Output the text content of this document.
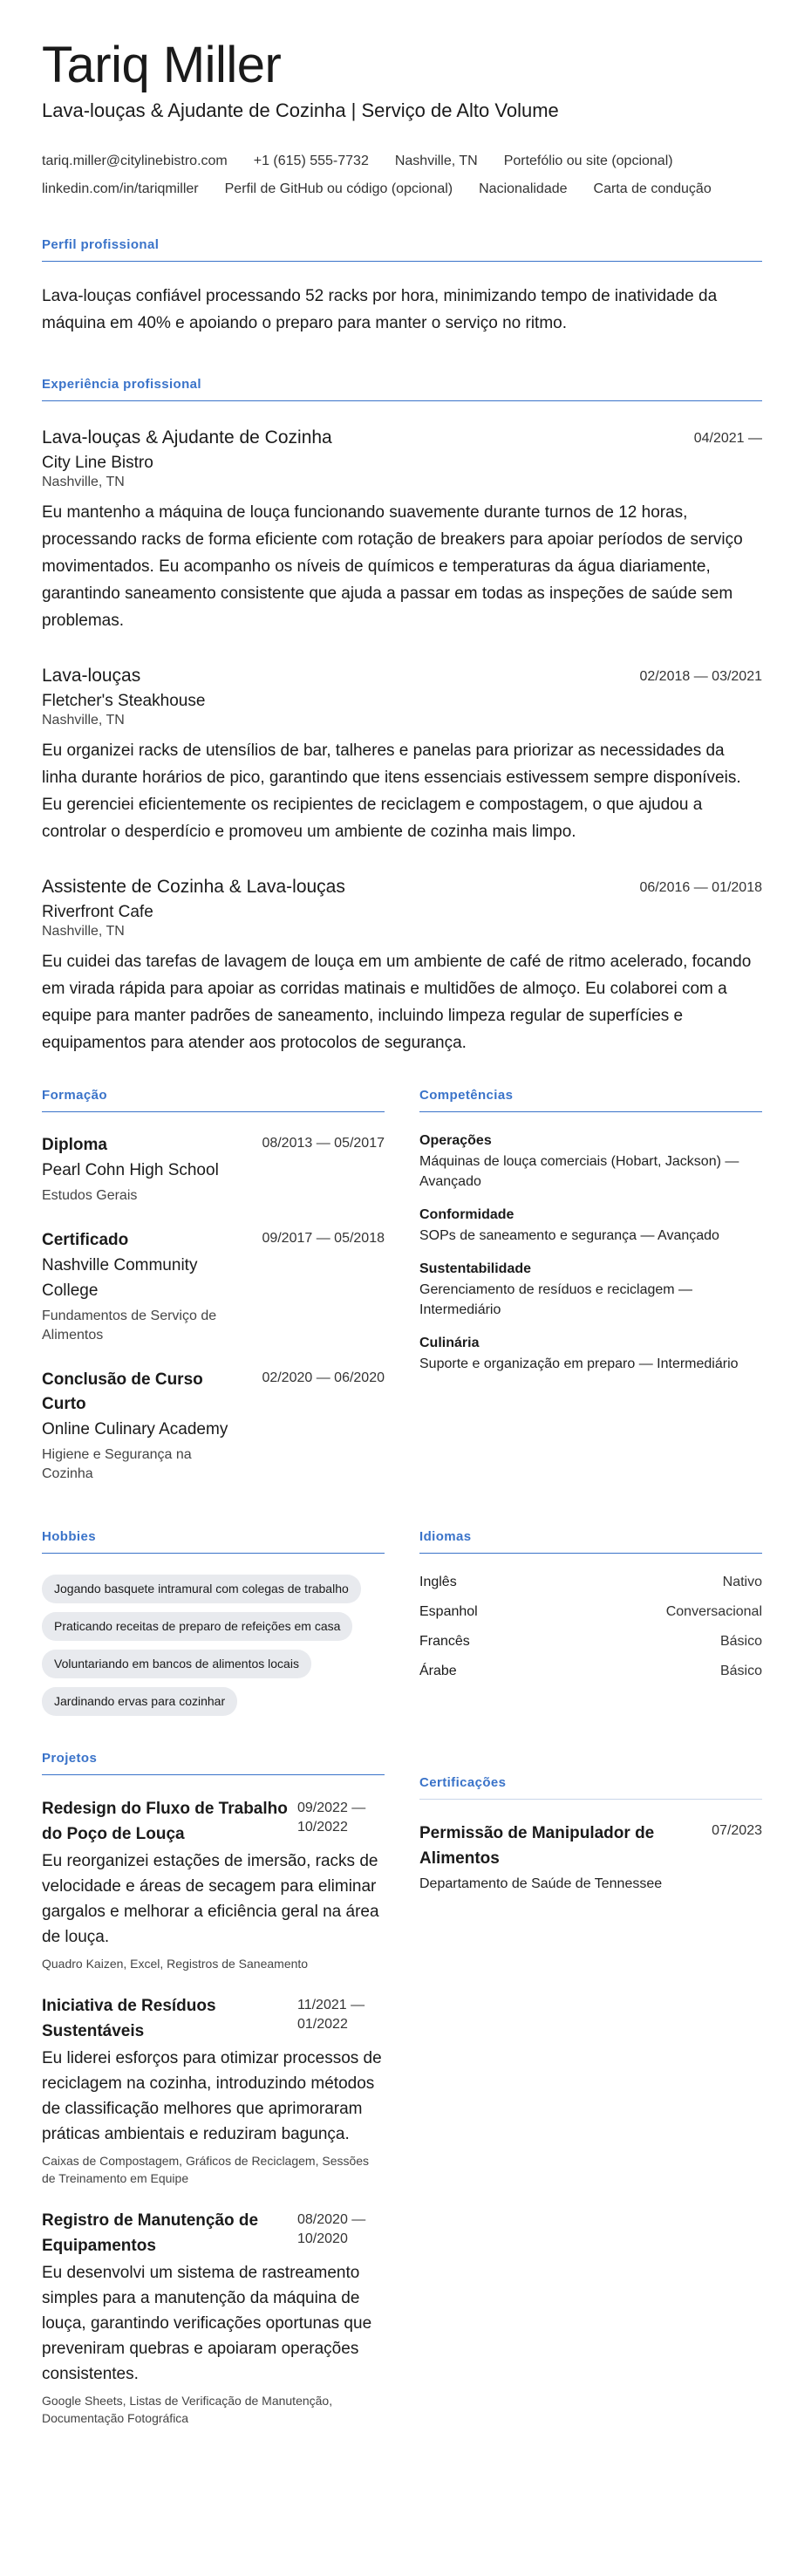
Tariq Miller
Lava-louças & Ajudante de Cozinha | Serviço de Alto Volume
tariq.miller@citylinebistro.com +1 (615) 555-7732 Nashville, TN Portefólio ou site (opcional)
linkedin.com/in/tariqmiller Perfil de GitHub ou código (opcional) Nacionalidade Carta de condução
Perfil profissional

Lava-louças confiável processando 52 racks por hora, minimizando tempo de inatividade da máquina em 40% e apoiando o preparo para manter o serviço no ritmo.

Experiência profissional
Lava-louças & Ajudante de Cozinha	04/2021 —
City Line Bistro
Nashville, TN
Eu mantenho a máquina de louça funcionando suavemente durante turnos de 12 horas, processando racks de forma eficiente com rotação de breakers para apoiar períodos de serviço movimentados. Eu acompanho os níveis de químicos e temperaturas da água diariamente, garantindo saneamento consistente que ajuda a passar em todas as inspeções de saúde sem problemas.
Lava-louças	02/2018 — 03/2021
Fletcher's Steakhouse
Nashville, TN
Eu organizei racks de utensílios de bar, talheres e panelas para priorizar as necessidades da linha durante horários de pico, garantindo que itens essenciais estivessem sempre disponíveis. Eu gerenciei eficientemente os recipientes de reciclagem e compostagem, o que ajudou a controlar o desperdício e promoveu um ambiente de cozinha mais limpo.
Assistente de Cozinha & Lava-louças	06/2016 — 01/2018
Riverfront Cafe
Nashville, TN
Eu cuidei das tarefas de lavagem de louça em um ambiente de café de ritmo acelerado, focando em virada rápida para apoiar as corridas matinais e multidões de almoço. Eu colaborei com a equipe para manter padrões de saneamento, incluindo limpeza regular de superfícies e equipamentos para atender aos protocolos de segurança.
Formação
Diploma	08/2013 — 05/2017
Pearl Cohn High School
Estudos Gerais
Certificado	09/2017 — 05/2018
Nashville Community College
Fundamentos de Serviço de Alimentos
Conclusão de Curso Curto
02/2020 — 06/2020
Online Culinary Academy
Higiene e Segurança na Cozinha
Competências
Operações
Máquinas de louça comerciais (Hobart, Jackson) — Avançado
Conformidade
SOPs de saneamento e segurança — Avançado
Sustentabilidade
Gerenciamento de resíduos e reciclagem — Intermediário
Culinária
Suporte e organização em preparo — Intermediário
Hobbies
Jogando basquete intramural com colegas de trabalho
Praticando receitas de preparo de refeições em casa
Voluntariando em bancos de alimentos locais
Jardinando ervas para cozinhar
Projetos
Redesign do Fluxo de Trabalho do Poço de Louça
09/2022 — 10/2022
Eu reorganizei estações de imersão, racks de velocidade e áreas de secagem para eliminar gargalos e melhorar a eficiência geral na área de louça.
Quadro Kaizen, Excel, Registros de Saneamento
Iniciativa de Resíduos Sustentáveis
11/2021 — 01/2022
Eu liderei esforços para otimizar processos de reciclagem na cozinha, introduzindo métodos de classificação melhores que aprimoraram práticas ambientais e reduziram bagunça.
Caixas de Compostagem, Gráficos de Reciclagem, Sessões de Treinamento em Equipe
Registro de Manutenção de Equipamentos
08/2020 — 10/2020
Eu desenvolvi um sistema de rastreamento simples para a manutenção da máquina de louça, garantindo verificações oportunas que preveniram quebras e apoiaram operações consistentes.
Google Sheets, Listas de Verificação de Manutenção, Documentação Fotográfica
Idiomas
Inglês	Nativo
Espanhol	Conversacional
Francês	Básico
Árabe	Básico
Certificações
Permissão de Manipulador de Alimentos
07/2023
Departamento de Saúde de Tennessee
